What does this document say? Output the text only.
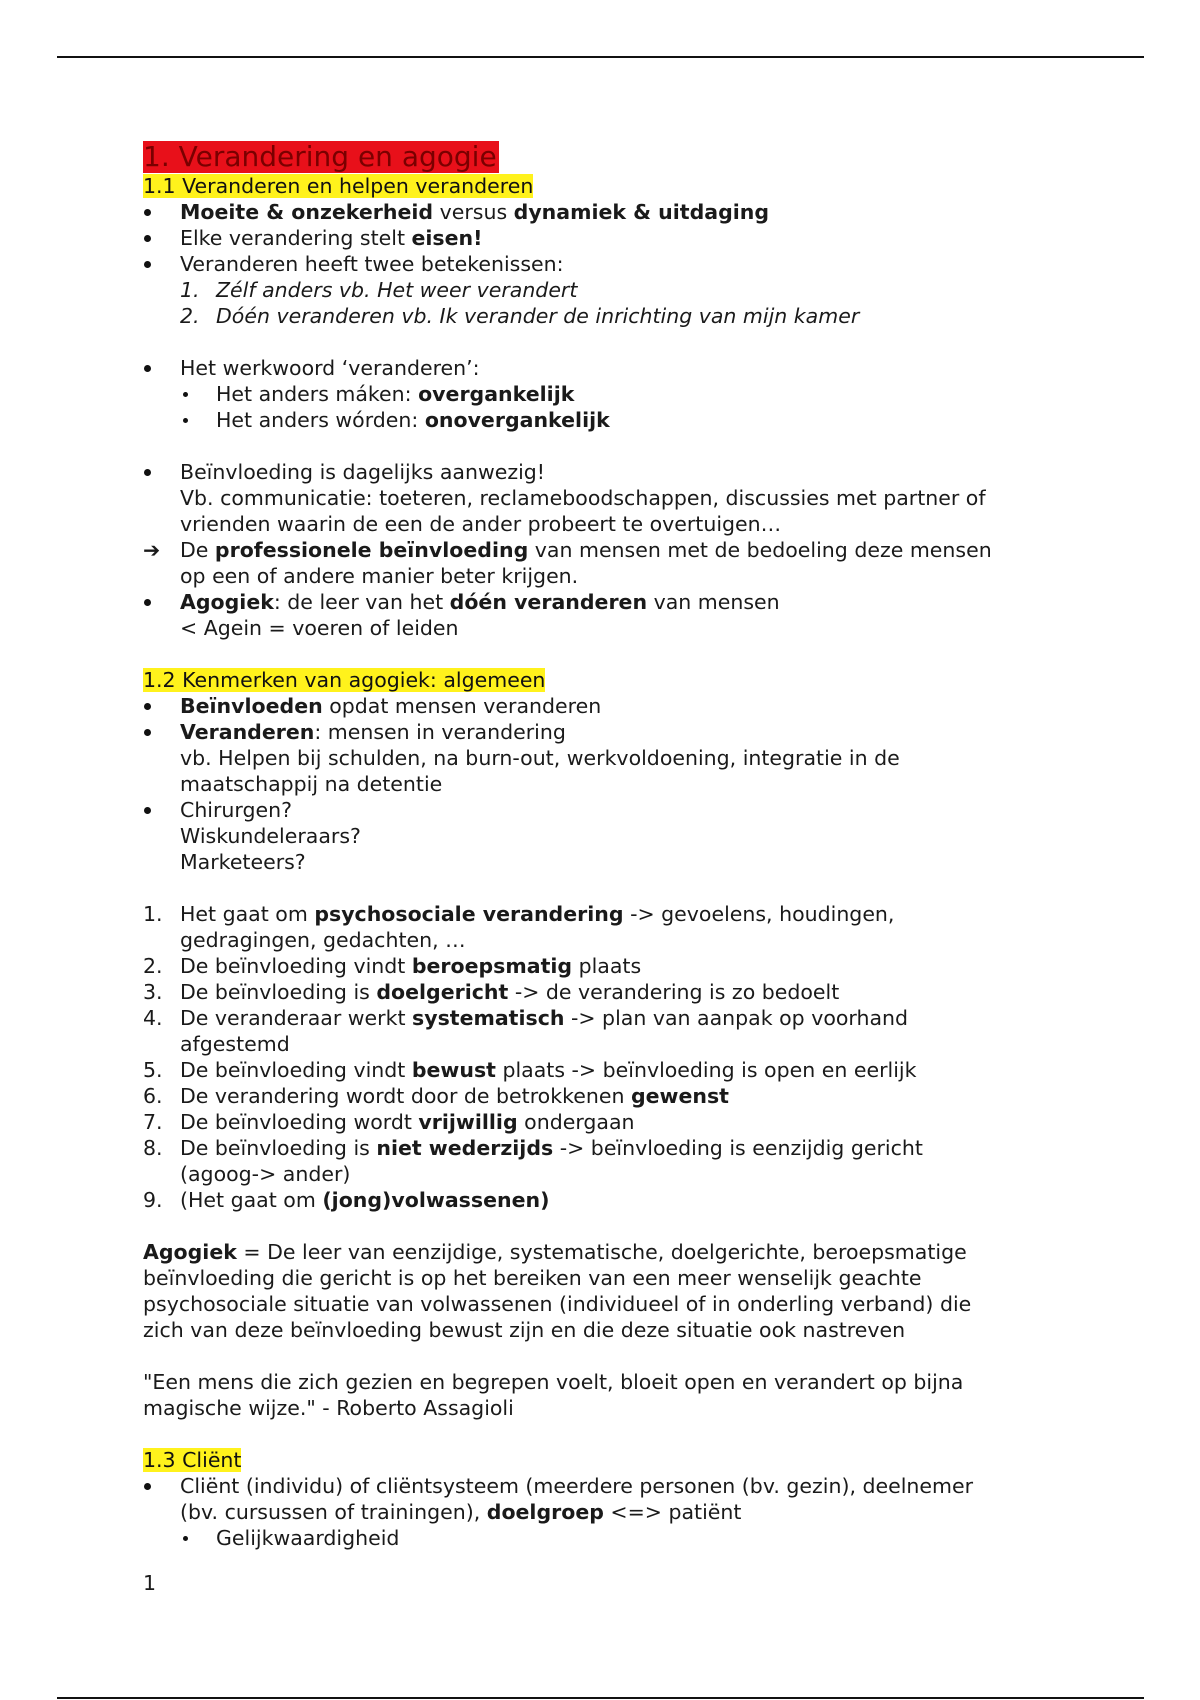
1. Verandering en agogie
1.1 Veranderen en helpen veranderen
Moeite & onzekerheid versus dynamiek & uitdaging
Elke verandering stelt eisen!
Veranderen heeft twee betekenissen:
1. Zélf anders vb. Het weer verandert
2. Dóén veranderen vb. Ik verander de inrichting van mijn kamer
Het werkwoord ‘veranderen’:
Het anders máken: overgankelijk
Het anders wórden: onovergankelijk
Beïnvloeding is dagelijks aanwezig!
Vb. communicatie: toeteren, reclameboodschappen, discussies met partner of
vrienden waarin de een de ander probeert te overtuigen…
➔ De professionele beïnvloeding van mensen met de bedoeling deze mensen
op een of andere manier beter krijgen.
Agogiek: de leer van het dóén veranderen van mensen
< Agein = voeren of leiden
1.2 Kenmerken van agogiek: algemeen
Beïnvloeden opdat mensen veranderen
Veranderen: mensen in verandering
vb. Helpen bij schulden, na burn-out, werkvoldoening, integratie in de
maatschappij na detentie
Chirurgen?
Wiskundeleraars?
Marketeers?
1. Het gaat om psychosociale verandering -> gevoelens, houdingen,
gedragingen, gedachten, …
2. De beïnvloeding vindt beroepsmatig plaats
3. De beïnvloeding is doelgericht -> de verandering is zo bedoelt
4. De veranderaar werkt systematisch -> plan van aanpak op voorhand
afgestemd
5. De beïnvloeding vindt bewust plaats -> beïnvloeding is open en eerlijk
6. De verandering wordt door de betrokkenen gewenst
7. De beïnvloeding wordt vrijwillig ondergaan
8. De beïnvloeding is niet wederzijds -> beïnvloeding is eenzijdig gericht
(agoog-> ander)
9. (Het gaat om (jong)volwassenen)
Agogiek = De leer van eenzijdige, systematische, doelgerichte, beroepsmatige
beïnvloeding die gericht is op het bereiken van een meer wenselijk geachte
psychosociale situatie van volwassenen (individueel of in onderling verband) die
zich van deze beïnvloeding bewust zijn en die deze situatie ook nastreven
"Een mens die zich gezien en begrepen voelt, bloeit open en verandert op bijna
magische wijze." - Roberto Assagioli
1.3 Cliënt
Cliënt (individu) of cliëntsysteem (meerdere personen (bv. gezin), deelnemer
(bv. cursussen of trainingen), doelgroep <=> patiënt
Gelijkwaardigheid
1
